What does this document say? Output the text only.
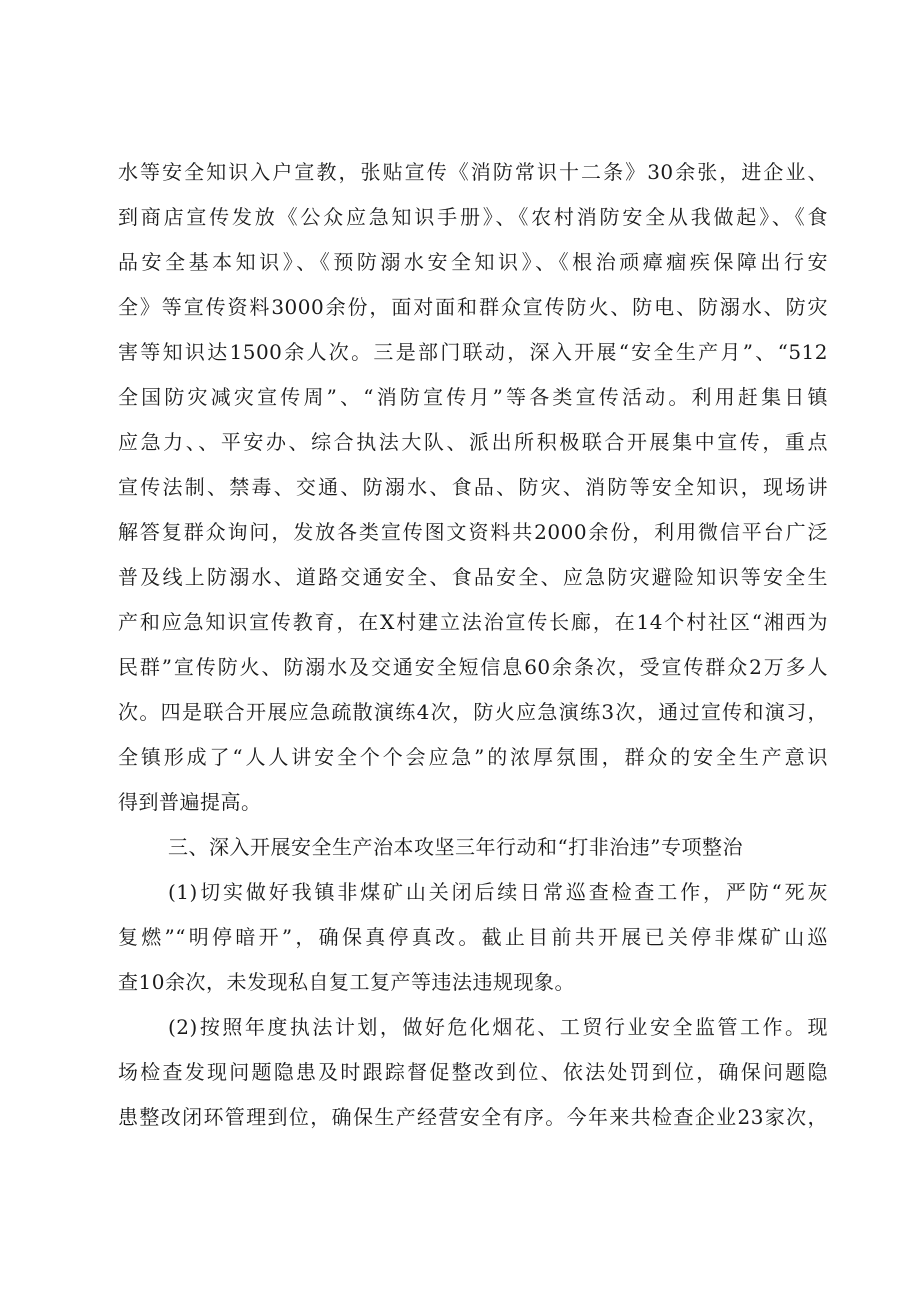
水等安全知识入户宣教，张贴宣传《消防常识十二条》30余张，进企业、
到商店宣传发放《公众应急知识手册》、《农村消防安全从我做起》、《食
品安全基本知识》、《预防溺水安全知识》、《根治顽瘴痼疾保障出行安
全》等宣传资料3000余份，面对面和群众宣传防火、防电、防溺水、防灾
害等知识达1500余人次。三是部门联动，深入开展“安全生产月”、“512
全国防灾减灾宣传周”、“消防宣传月”等各类宣传活动。利用赶集日镇
应急力、、平安办、综合执法大队、派出所积极联合开展集中宣传，重点
宣传法制、禁毒、交通、防溺水、食品、防灾、消防等安全知识，现场讲
解答复群众询问，发放各类宣传图文资料共2000余份，利用微信平台广泛
普及线上防溺水、道路交通安全、食品安全、应急防灾避险知识等安全生
产和应急知识宣传教育，在X村建立法治宣传长廊，在14个村社区“湘西为
民群”宣传防火、防溺水及交通安全短信息60余条次，受宣传群众2万多人
次。四是联合开展应急疏散演练4次，防火应急演练3次，通过宣传和演习，
全镇形成了“人人讲安全个个会应急”的浓厚氛围，群众的安全生产意识
得到普遍提高。
三、深入开展安全生产治本攻坚三年行动和“打非治违”专项整治
(1)切实做好我镇非煤矿山关闭后续日常巡查检查工作，严防“死灰
复燃”“明停暗开”，确保真停真改。截止目前共开展已关停非煤矿山巡
查10余次，未发现私自复工复产等违法违规现象。
(2)按照年度执法计划，做好危化烟花、工贸行业安全监管工作。现
场检查发现问题隐患及时跟踪督促整改到位、依法处罚到位，确保问题隐
患整改闭环管理到位，确保生产经营安全有序。今年来共检查企业23家次，
